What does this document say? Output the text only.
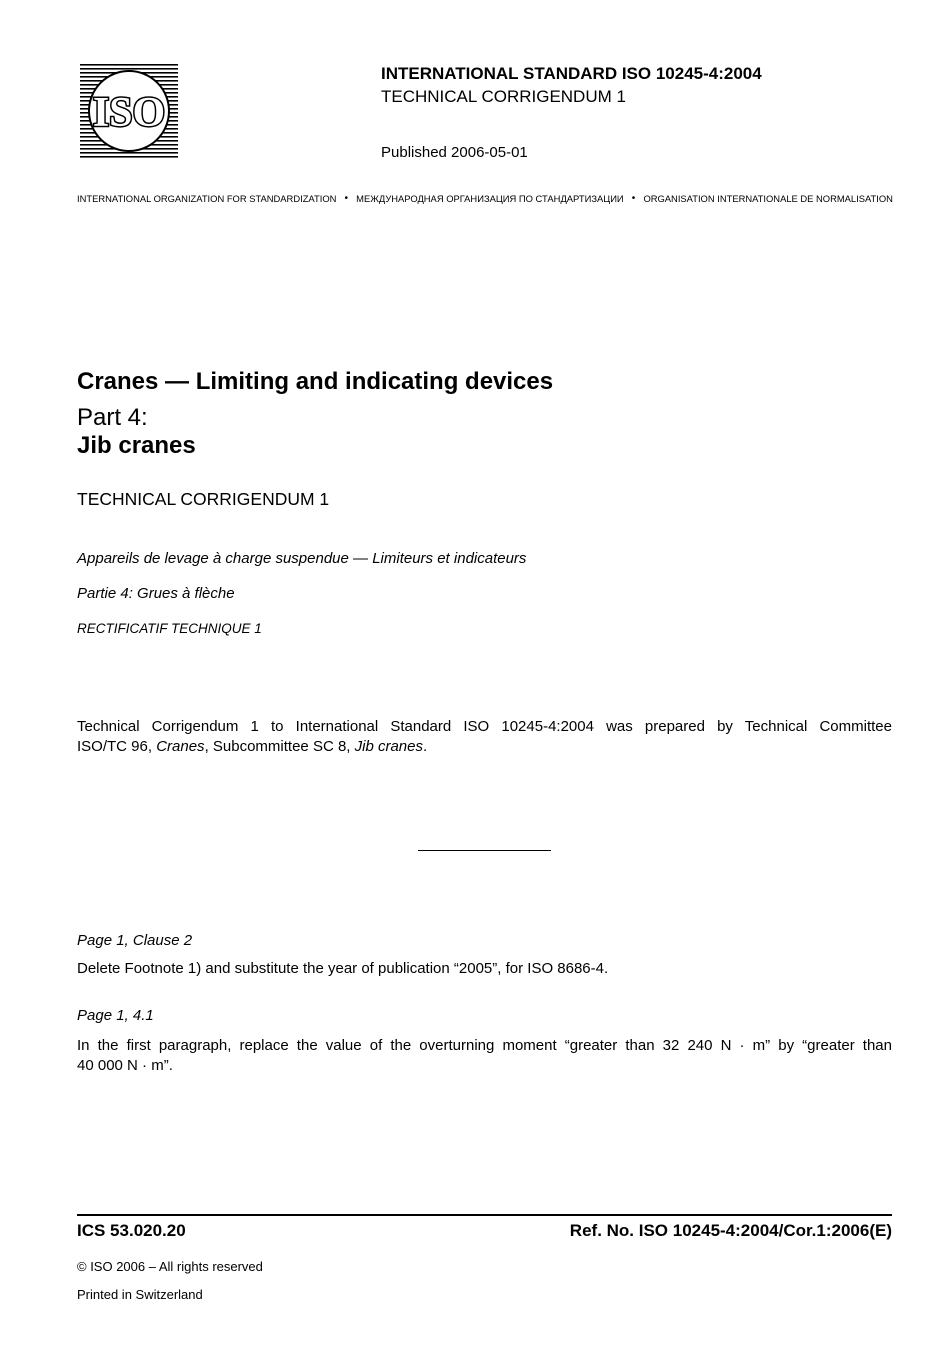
ISO
INTERNATIONAL STANDARD ISO 10245-4:2004
TECHNICAL CORRIGENDUM 1
Published 2006-05-01
INTERNATIONAL ORGANIZATION FOR STANDARDIZATION • МЕЖДУНАРОДНАЯ ОРГАНИЗАЦИЯ ПО СТАНДАРТИЗАЦИИ • ORGANISATION INTERNATIONALE DE NORMALISATION
Cranes — Limiting and indicating devices
Part 4:
Jib cranes
TECHNICAL CORRIGENDUM 1
Appareils de levage à charge suspendue — Limiteurs et indicateurs
Partie 4: Grues à flèche
RECTIFICATIF TECHNIQUE 1
Technical Corrigendum 1 to International Standard ISO 10245-4:2004 was prepared by Technical Committee
ISO/TC 96, Cranes, Subcommittee SC 8, Jib cranes.
Page 1, Clause 2
Delete Footnote 1) and substitute the year of publication “2005”, for ISO 8686-4.
Page 1, 4.1
In the first paragraph, replace the value of the overturning moment “greater than 32 240 N · m” by “greater than
40 000 N · m”.
ICS 53.020.20	Ref. No. ISO 10245-4:2004/Cor.1:2006(E)
© ISO 2006 – All rights reserved
Printed in Switzerland
